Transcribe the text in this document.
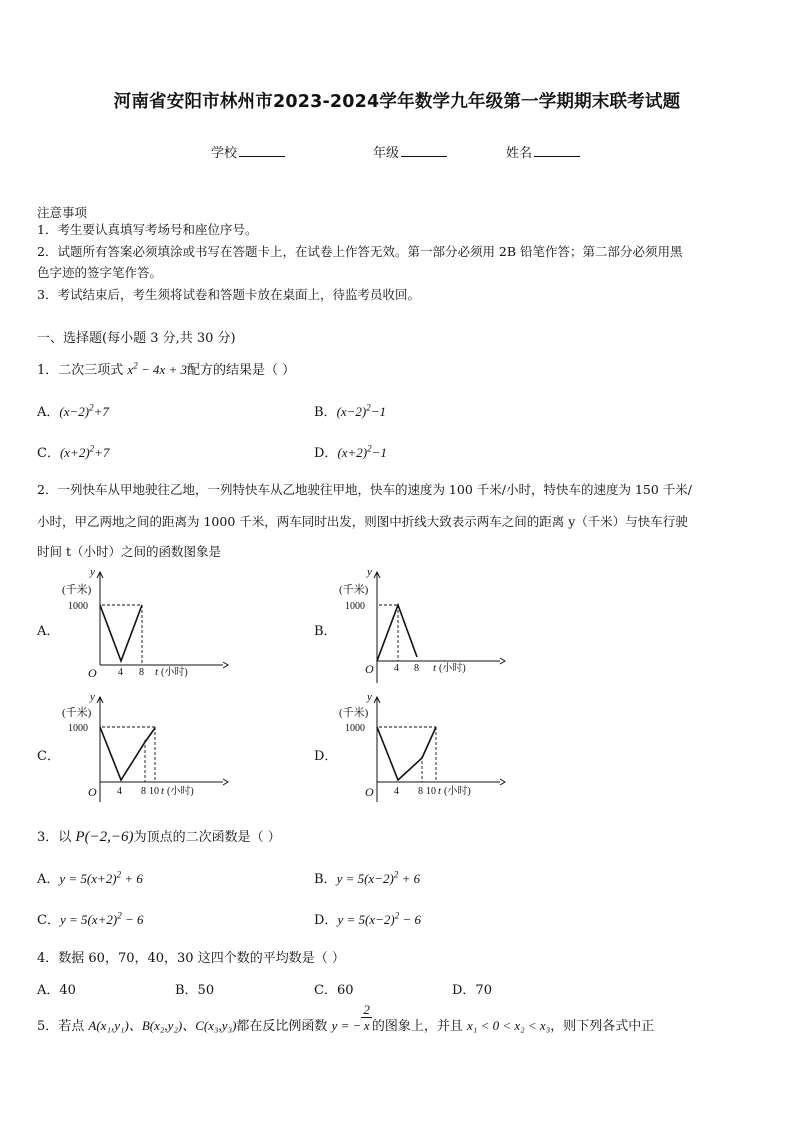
河南省安阳市林州市2023-2024学年数学九年级第一学期期末联考试题
学校	年级	姓名
注意事项
1．考生要认真填写考场号和座位序号。
2．试题所有答案必须填涂或书写在答题卡上，在试卷上作答无效。第一部分必须用 2B 铅笔作答；第二部分必须用黑
色字迹的签字笔作答。
3．考试结束后，考生须将试卷和答题卡放在桌面上，待监考员收回。
一、选择题(每小题 3 分,共 30 分)
1．二次三项式 $x^2 - 4x + 3$配方的结果是（ ）
A．$(x-2)^2+7$	B．$(x-2)^2-1$
C．$(x+2)^2+7$	D．$(x+2)^2-1$
2．一列快车从甲地驶往乙地，一列特快车从乙地驶往甲地，快车的速度为 100 千米/小时，特快车的速度为 150 千米/
小时，甲乙两地之间的距离为 1000 千米，两车同时出发，则图中折线大致表示两车之间的距离 y（千米）与快车行驶
时间 t（小时）之间的函数图象是
A．	B．
C．	D．
y
(千米)
1000
O 4 8 t (小时)
y
(千米)
1000
O 4 8 t (小时)
y
(千米)
1000
O 4 8 10 t (小时)
y
(千米)
1000
O 4 8 10 t (小时)
3．以 P(−2,−6)为顶点的二次函数是（ ）
A．$y = 5(x+2)^2 + 6$	B．$y = 5(x-2)^2 + 6$
C．$y = 5(x+2)^2 - 6$	D．$y = 5(x-2)^2 - 6$
4．数据 60，70，40，30 这四个数的平均数是（ ）
A．40	B．50	C．60	D．70
5．若点 A(x₁,y₁)、B(x₂,y₂)、C(x₃,y₃)都在反比例函数 y = − $\frac{2}{x}$ 的图象上，并且 x₁ < 0 < x₂ < x₃，则下列各式中正
